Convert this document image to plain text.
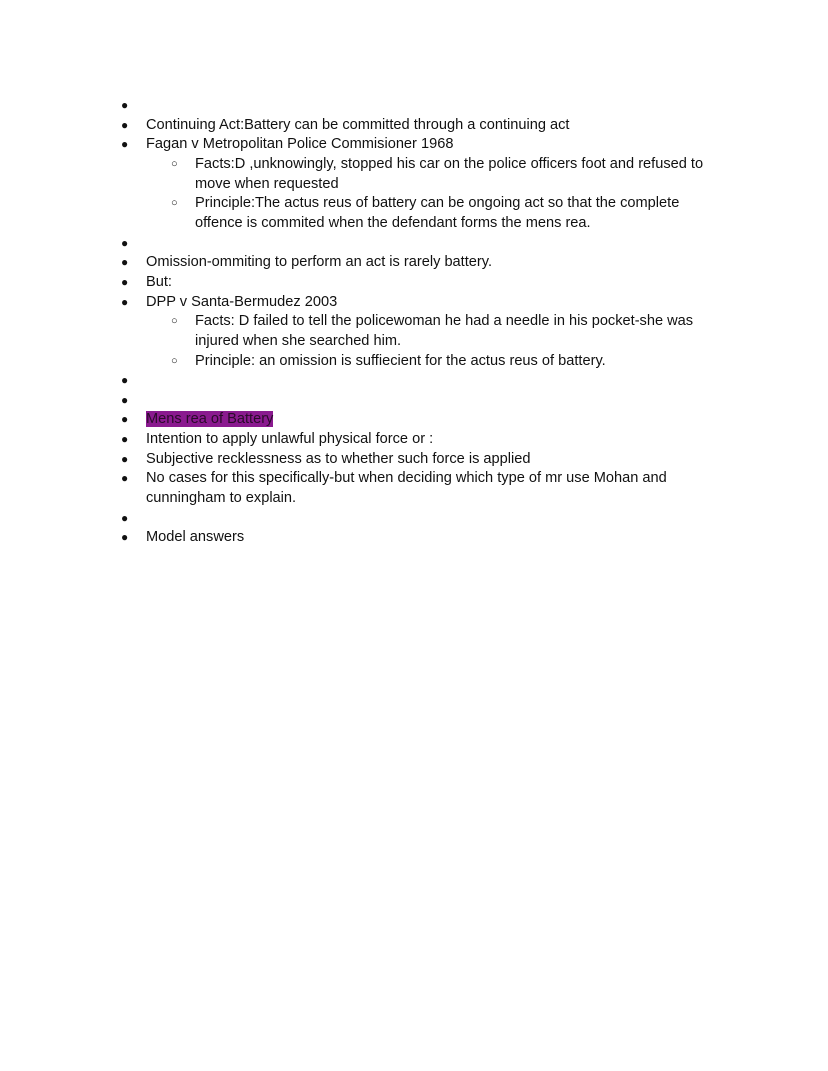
●
● Continuing Act:Battery can be committed through a continuing act
● Fagan v Metropolitan Police Commisioner 1968
○ Facts:D ,unknowingly, stopped his car on the police officers foot and refused to move when requested
○ Principle:The actus reus of battery can be ongoing act so that the complete offence is commited when the defendant forms the mens rea.
●
● Omission-ommiting to perform an act is rarely battery.
● But:
● DPP v Santa-Bermudez 2003
○ Facts: D failed to tell the policewoman he had a needle in his pocket-she was injured when she searched him.
○ Principle: an omission is suffiecient for the actus reus of battery.
●
●
● Mens rea of Battery
● Intention to apply unlawful physical force or :
● Subjective recklessness as to whether such force is applied
● No cases for this specifically-but when deciding which type of mr use Mohan and cunningham to explain.
●
● Model answers
